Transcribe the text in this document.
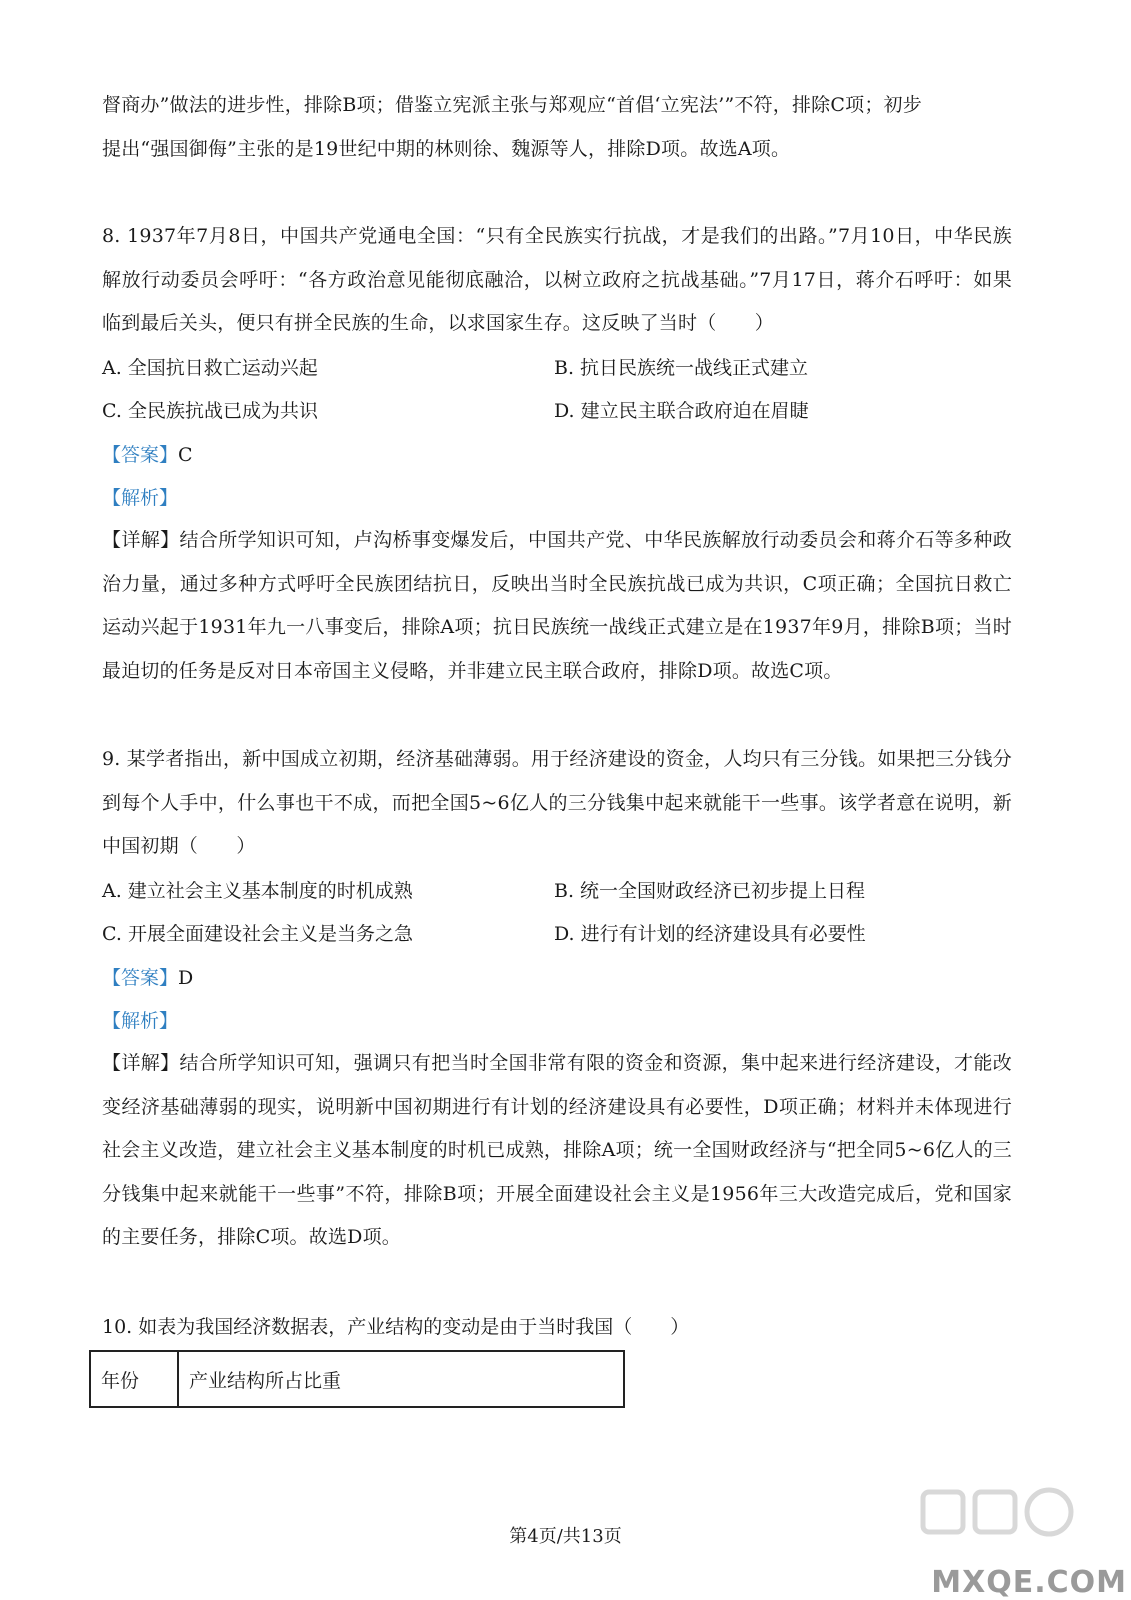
督商办”做法的进步性，排除B项；借鉴立宪派主张与郑观应“首倡‘立宪法’”不符，排除C项；初步
提出“强国御侮”主张的是19世纪中期的林则徐、魏源等人，排除D项。故选A项。

8. 1937年7月8日，中国共产党通电全国：“只有全民族实行抗战，才是我们的出路。”7月10日，中华民族解放行动委员会呼吁：“各方政治意见能彻底融洽，以树立政府之抗战基础。”7月17日，蒋介石呼吁：如果临到最后关头，便只有拼全民族的生命，以求国家生存。这反映了当时（　　）

A. 全国抗日救亡运动兴起	B. 抗日民族统一战线正式建立
C. 全民族抗战已成为共识	D. 建立民主联合政府迫在眉睫
【答案】C
【解析】

【详解】结合所学知识可知，卢沟桥事变爆发后，中国共产党、中华民族解放行动委员会和蒋介石等多种政治力量，通过多种方式呼吁全民族团结抗日，反映出当时全民族抗战已成为共识，C项正确；全国抗日救亡运动兴起于1931年九一八事变后，排除A项；抗日民族统一战线正式建立是在1937年9月，排除B项；当时最迫切的任务是反对日本帝国主义侵略，并非建立民主联合政府，排除D项。故选C项。

9. 某学者指出，新中国成立初期，经济基础薄弱。用于经济建设的资金，人均只有三分钱。如果把三分钱分到每个人手中，什么事也干不成，而把全国5~6亿人的三分钱集中起来就能干一些事。该学者意在说明，新中国初期（　　）

A. 建立社会主义基本制度的时机成熟	B. 统一全国财政经济已初步提上日程
C. 开展全面建设社会主义是当务之急	D. 进行有计划的经济建设具有必要性
【答案】D
【解析】

【详解】结合所学知识可知，强调只有把当时全国非常有限的资金和资源，集中起来进行经济建设，才能改变经济基础薄弱的现实，说明新中国初期进行有计划的经济建设具有必要性，D项正确；材料并未体现进行社会主义改造，建立社会主义基本制度的时机已成熟，排除A项；统一全国财政经济与“把全同5~6亿人的三分钱集中起来就能干一些事”不符，排除B项；开展全面建设社会主义是1956年三大改造完成后，党和国家的主要任务，排除C项。故选D项。

10. 如表为我国经济数据表，产业结构的变动是由于当时我国（　　）
年份	产业结构所占比重
第4页/共13页
MXQE.COM
